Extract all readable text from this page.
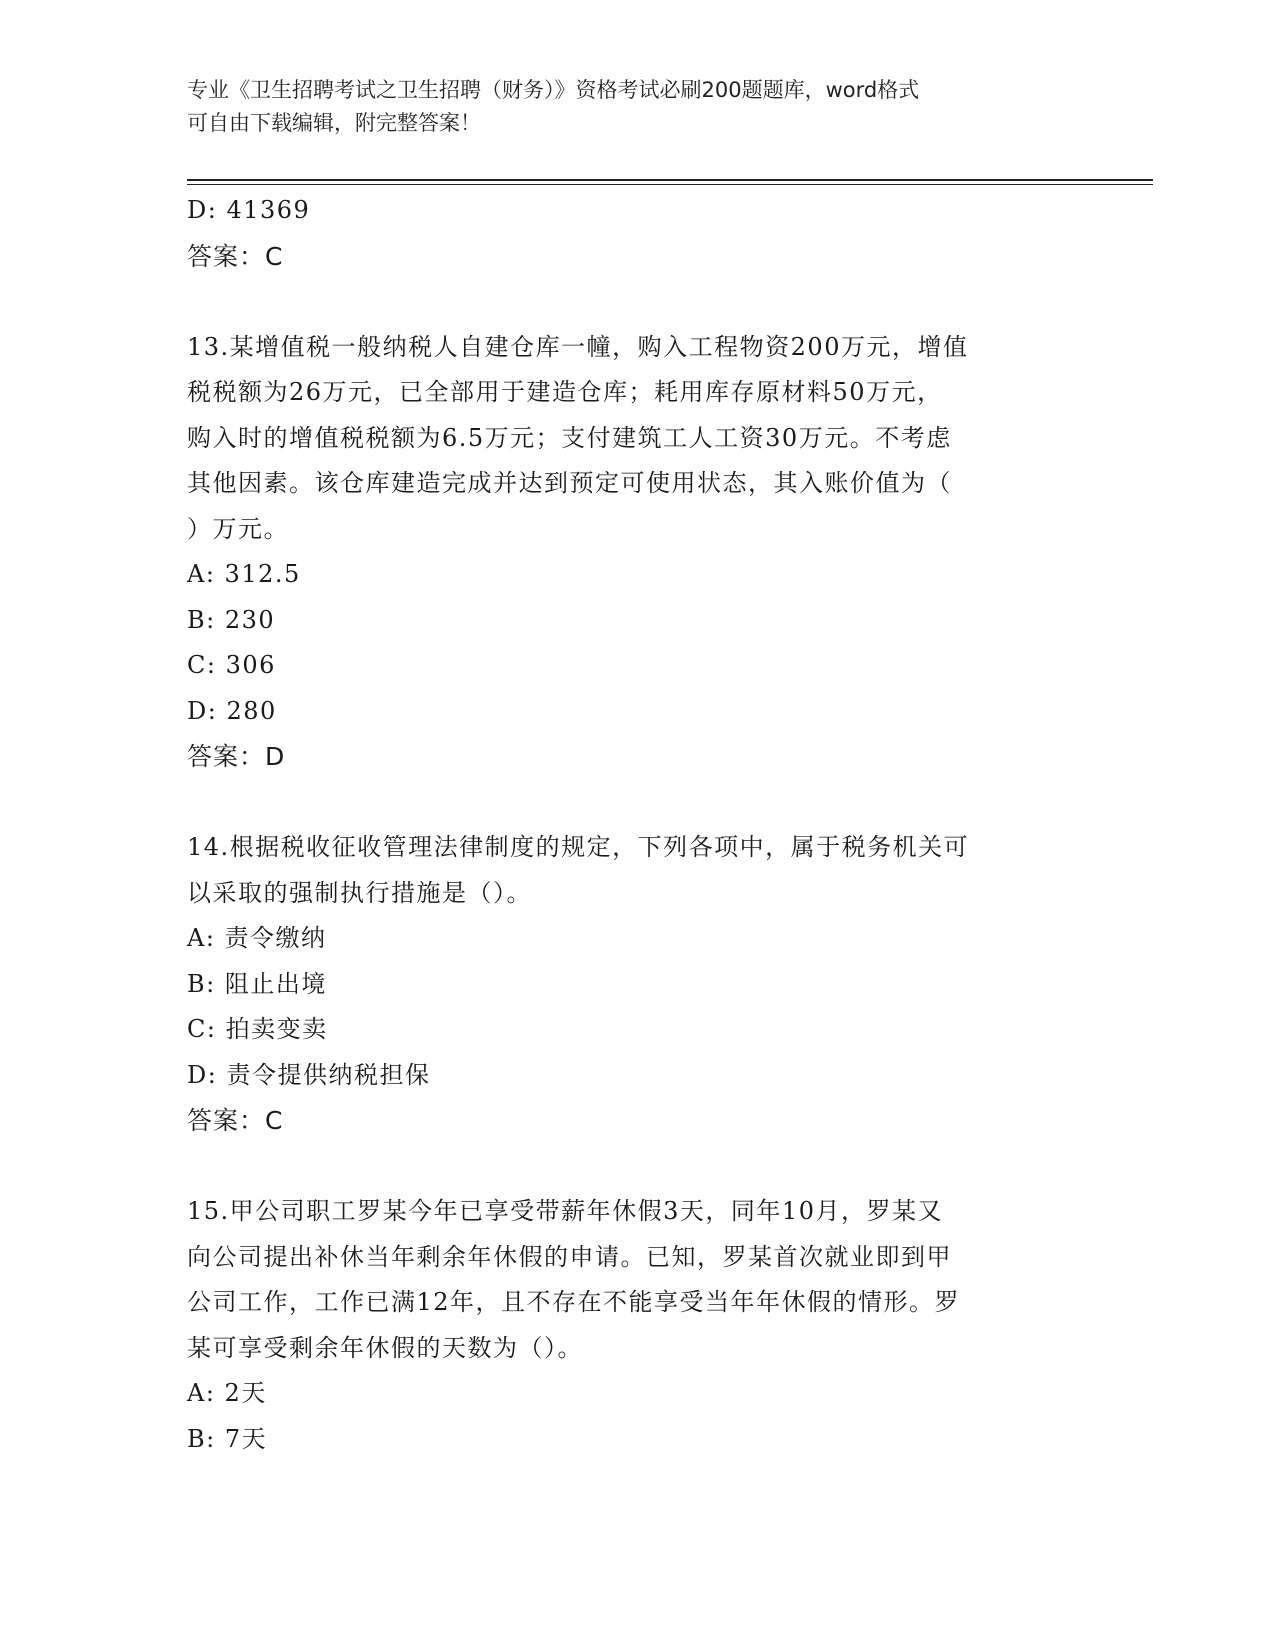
专业《卫生招聘考试之卫生招聘（财务）》资格考试必刷200题题库，word格式
可自由下载编辑，附完整答案！
D: 41369
答案：C
13.某增值税一般纳税人自建仓库一幢，购入工程物资200万元，增值
税税额为26万元，已全部用于建造仓库；耗用库存原材料50万元，
购入时的增值税税额为6.5万元；支付建筑工人工资30万元。不考虑
其他因素。该仓库建造完成并达到预定可使用状态，其入账价值为（
）万元。
A: 312.5
B: 230
C: 306
D: 280
答案：D
14.根据税收征收管理法律制度的规定，下列各项中，属于税务机关可
以采取的强制执行措施是（）。
A: 责令缴纳
B: 阻止出境
C: 拍卖变卖
D: 责令提供纳税担保
答案：C
15.甲公司职工罗某今年已享受带薪年休假3天，同年10月，罗某又
向公司提出补休当年剩余年休假的申请。已知，罗某首次就业即到甲
公司工作，工作已满12年，且不存在不能享受当年年休假的情形。罗
某可享受剩余年休假的天数为（）。
A: 2天
B: 7天
